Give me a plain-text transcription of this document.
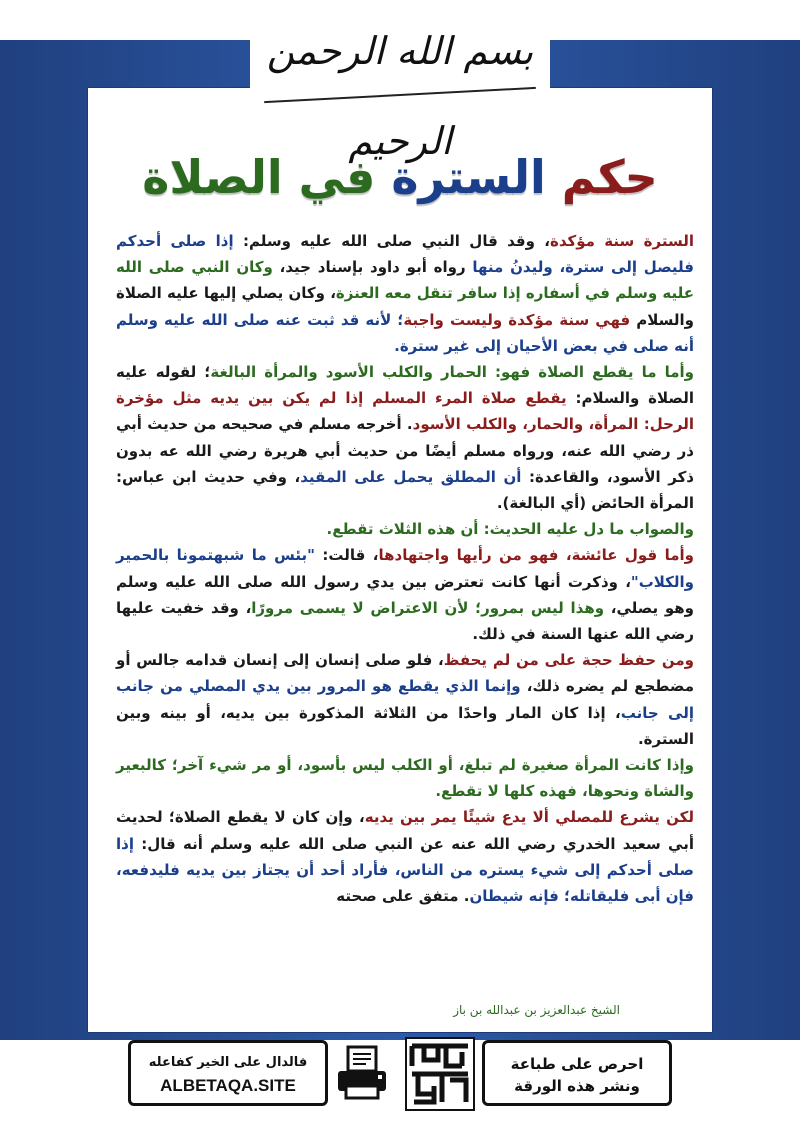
بسم الله الرحمن الرحيم
حكم السترة في الصلاة

السترة سنة مؤكدة، وقد قال النبي صلى الله عليه وسلم: إذا صلى أحدكم فليصل إلى سترة، وليدنُ منها رواه أبو داود بإسناد جيد، وكان النبي صلى الله عليه وسلم في أسفاره إذا سافر تنقل معه العنزة، وكان يصلي إليها عليه الصلاة والسلام فهي سنة مؤكدة وليست واجبة؛ لأنه قد ثبت عنه صلى الله عليه وسلم أنه صلى في بعض الأحيان إلى غير سترة.

وأما ما يقطع الصلاة فهو: الحمار والكلب الأسود والمرأة البالغة؛ لقوله عليه الصلاة والسلام: يقطع صلاة المرء المسلم إذا لم يكن بين يديه مثل مؤخرة الرحل: المرأة، والحمار، والكلب الأسود. أخرجه مسلم في صحيحه من حديث أبي ذر رضي الله عنه، ورواه مسلم أيضًا من حديث أبي هريرة رضي الله عه بدون ذكر الأسود، والقاعدة: أن المطلق يحمل على المقيد، وفي حديث ابن عباس: المرأة الحائض (أي البالغة).

والصواب ما دل عليه الحديث: أن هذه الثلاث تقطع.

وأما قول عائشة، فهو من رأيها واجتهادها، قالت: "بئس ما شبهتمونا بالحمير والكلاب"، وذكرت أنها كانت تعترض بين يدي رسول الله صلى الله عليه وسلم وهو يصلي، وهذا ليس بمرور؛ لأن الاعتراض لا يسمى مرورًا، وقد خفيت عليها رضي الله عنها السنة في ذلك.

ومن حفظ حجة على من لم يحفظ، فلو صلى إنسان إلى إنسان قدامه جالس أو مضطجع لم يضره ذلك، وإنما الذي يقطع هو المرور بين يدي المصلي من جانب إلى جانب، إذا كان المار واحدًا من الثلاثة المذكورة بين يديه، أو بينه وبين السترة.

وإذا كانت المرأة صغيرة لم تبلغ، أو الكلب ليس بأسود، أو مر شيء آخر؛ كالبعير والشاة ونحوها، فهذه كلها لا تقطع.

لكن يشرع للمصلي ألا يدع شيئًا يمر بين يديه، وإن كان لا يقطع الصلاة؛ لحديث أبي سعيد الخدري رضي الله عنه عن النبي صلى الله عليه وسلم أنه قال: إذا صلى أحدكم إلى شيء يستره من الناس، فأراد أحد أن يجتاز بين يديه فليدفعه، فإن أبى فليقاتله؛ فإنه شيطان. متفق على صحته

الشيخ عبدالعزيز بن عبدالله بن باز
فالدال على الخير كفاعله
ALBETAQA.SITE
احرص على طباعة
ونشر هذه الورقة
